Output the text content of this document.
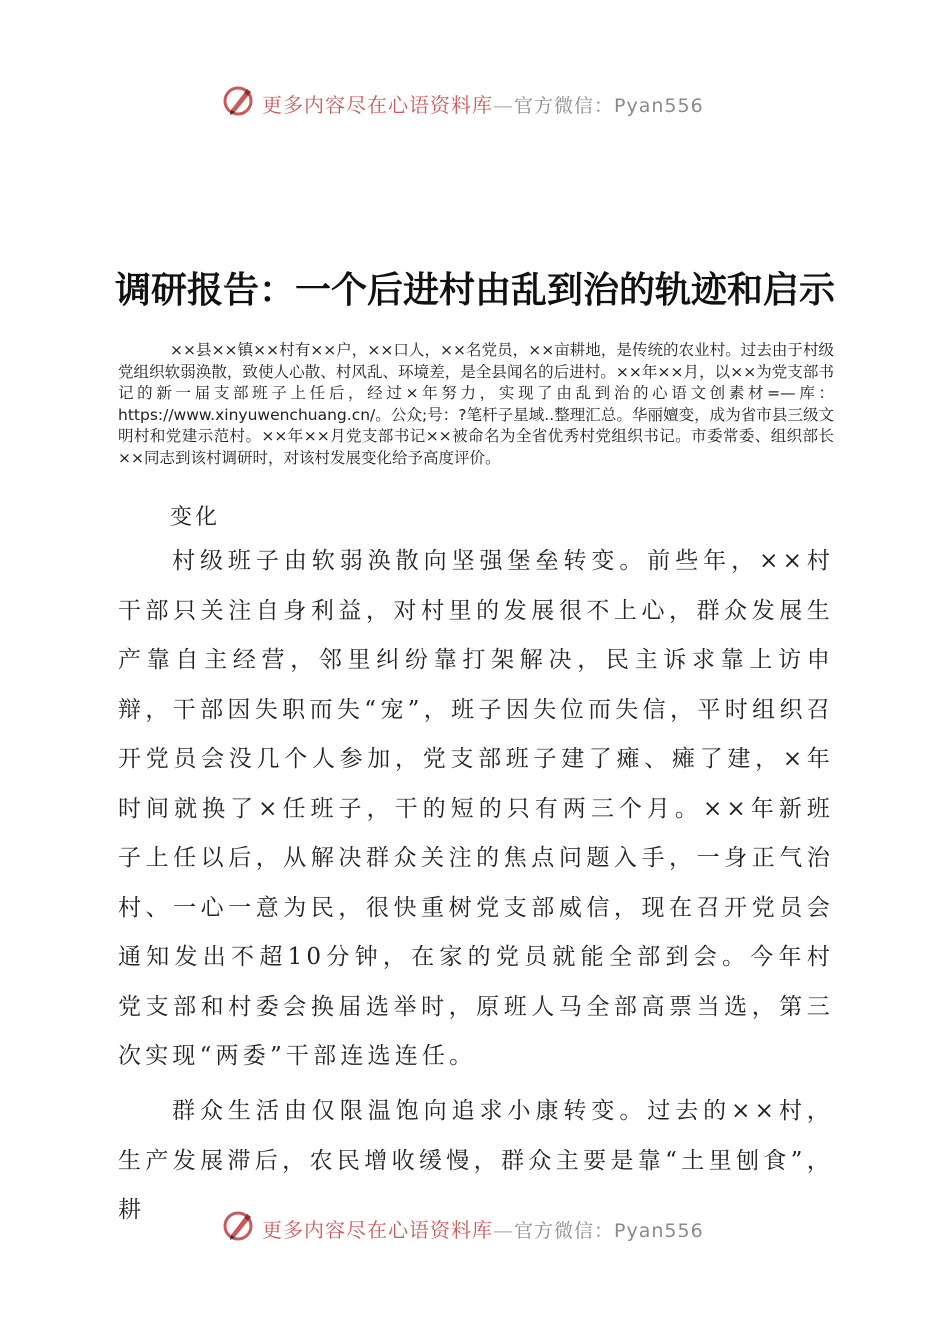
更多内容尽在心语资料库—官方微信：Pyan556
调研报告：一个后进村由乱到治的轨迹和启示
××县××镇××村有××户，××口人，××名党员，××亩耕地，是传统的农业村。过去由于村级党组织软弱涣散，致使人心散、村风乱、环境差，是全县闻名的后进村。××年××月，以××为党支部书记的新一届支部班子上任后，经过×年努力，实现了由乱到治的心语文创素材=—库：https://www.xinyuwenchuang.cn/。公众;号：?笔杆子星域..整理汇总。华丽嬗变，成为省市县三级文明村和党建示范村。××年××月党支部书记××被命名为全省优秀村党组织书记。市委常委、组织部长××同志到该村调研时，对该村发展变化给予高度评价。
变化
村级班子由软弱涣散向坚强堡垒转变。前些年，××村干部只关注自身利益，对村里的发展很不上心，群众发展生产靠自主经营，邻里纠纷靠打架解决，民主诉求靠上访申辩，干部因失职而失“宠”，班子因失位而失信，平时组织召开党员会没几个人参加，党支部班子建了瘫、瘫了建，×年时间就换了×任班子，干的短的只有两三个月。××年新班子上任以后，从解决群众关注的焦点问题入手，一身正气治村、一心一意为民，很快重树党支部威信，现在召开党员会通知发出不超10分钟，在家的党员就能全部到会。今年村党支部和村委会换届选举时，原班人马全部高票当选，第三次实现“两委”干部连选连任。
群众生活由仅限温饱向追求小康转变。过去的××村，生产发展滞后，农民增收缓慢，群众主要是靠“土里刨食”，耕
更多内容尽在心语资料库—官方微信：Pyan556
